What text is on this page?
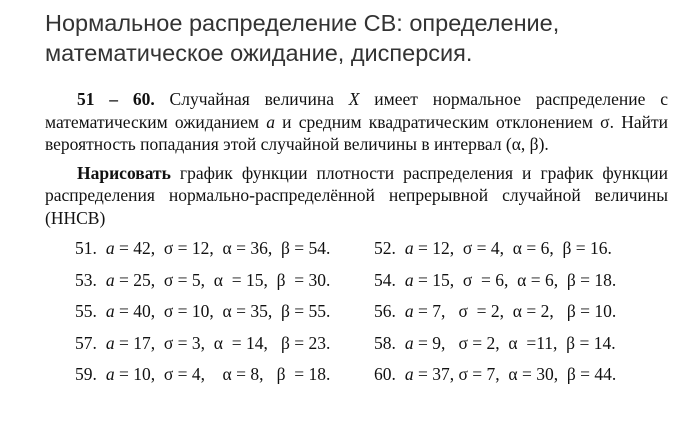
Нормальное распределение СВ: определение, математическое ожидание, дисперсия.

51 – 60. Случайная величина X имеет нормальное распределение с математическим ожиданием a и средним квадратическим отклонением σ. Найти вероятность попадания этой случайной величины в интервал (α, β).

Нарисовать график функции плотности распределения и график функции распределения нормально-распределённой непрерывной случайной величины (ННСВ)

51. a = 42,  σ = 12,  α = 36,  β = 54. 52. a = 12,  σ = 4,  α = 6,  β = 16.
53. a = 25,  σ = 5,  α  = 15,  β  = 30. 54. a = 15,  σ  = 6,  α = 6,  β = 18.
55. a = 40,  σ = 10,  α = 35,  β = 55. 56. a = 7,   σ  = 2,  α = 2,   β = 10.
57. a = 17,  σ = 3,  α  = 14,   β = 23. 58. a = 9,   σ = 2,  α  =11,  β = 14.
59. a = 10,  σ = 4,    α = 8,   β  = 18. 60. a = 37, σ = 7,  α = 30,  β = 44.
